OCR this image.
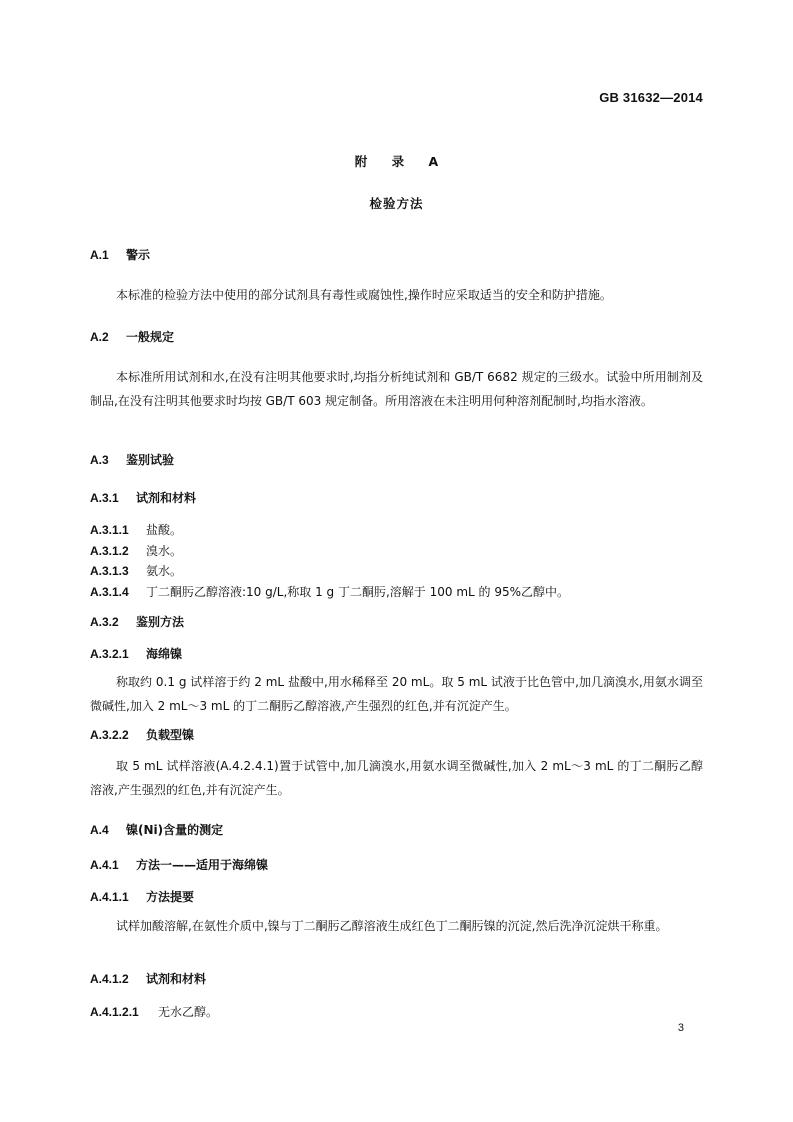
GB 31632—2014
附 录 A
检验方法
A.1 警示

本标准的检验方法中使用的部分试剂具有毒性或腐蚀性,操作时应采取适当的安全和防护措施。

A.2 一般规定

本标准所用试剂和水,在没有注明其他要求时,均指分析纯试剂和 GB/T 6682 规定的三级水。试验中所用制剂及制品,在没有注明其他要求时均按 GB/T 603 规定制备。所用溶液在未注明用何种溶剂配制时,均指水溶液。

A.3 鉴别试验
A.3.1 试剂和材料
A.3.1.1 盐酸。
A.3.1.2 溴水。
A.3.1.3 氨水。
A.3.1.4 丁二酮肟乙醇溶液:10 g/L,称取 1 g 丁二酮肟,溶解于 100 mL 的 95%乙醇中。
A.3.2 鉴别方法
A.3.2.1 海绵镍

称取约 0.1 g 试样溶于约 2 mL 盐酸中,用水稀释至 20 mL。取 5 mL 试液于比色管中,加几滴溴水,用氨水调至微碱性,加入 2 mL～3 mL 的丁二酮肟乙醇溶液,产生强烈的红色,并有沉淀产生。

A.3.2.2 负载型镍

取 5 mL 试样溶液(A.4.2.4.1)置于试管中,加几滴溴水,用氨水调至微碱性,加入 2 mL～3 mL 的丁二酮肟乙醇溶液,产生强烈的红色,并有沉淀产生。

A.4 镍(Ni)含量的测定
A.4.1 方法一——适用于海绵镍
A.4.1.1 方法提要

试样加酸溶解,在氨性介质中,镍与丁二酮肟乙醇溶液生成红色丁二酮肟镍的沉淀,然后洗净沉淀烘干称重。

A.4.1.2 试剂和材料
A.4.1.2.1 无水乙醇。
3
